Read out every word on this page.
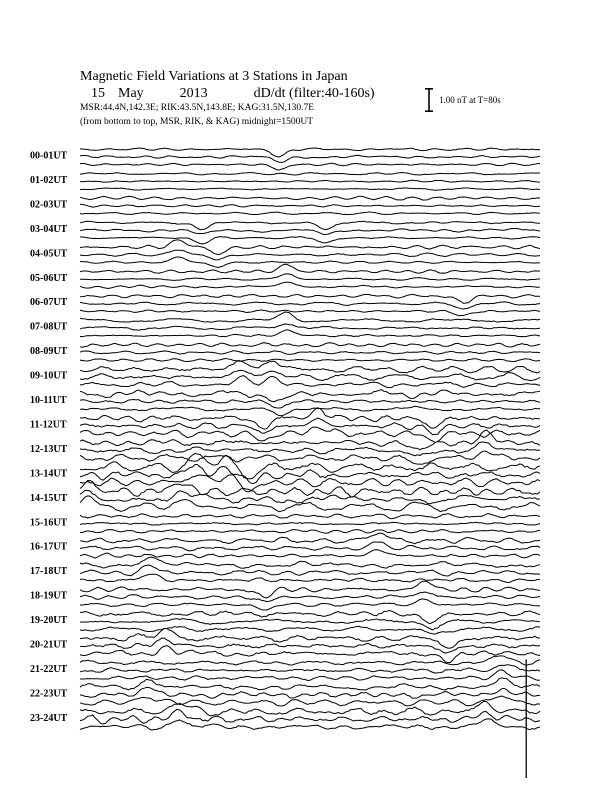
Magnetic Field Variations at 3 Stations in Japan
15 May	2013	dD/dt (filter:40-160s)
MSR:44.4N,142.3E; RIK:43.5N,143.8E; KAG:31.5N,130.7E
(from bottom to top, MSR, RIK, & KAG) midnight=1500UT
1.00 nT at T=80s
00-01UT
01-02UT
02-03UT
03-04UT
04-05UT
05-06UT
06-07UT
07-08UT
08-09UT
09-10UT
10-11UT
11-12UT
12-13UT
13-14UT
14-15UT
15-16UT
16-17UT
17-18UT
18-19UT
19-20UT
20-21UT
21-22UT
22-23UT
23-24UT
